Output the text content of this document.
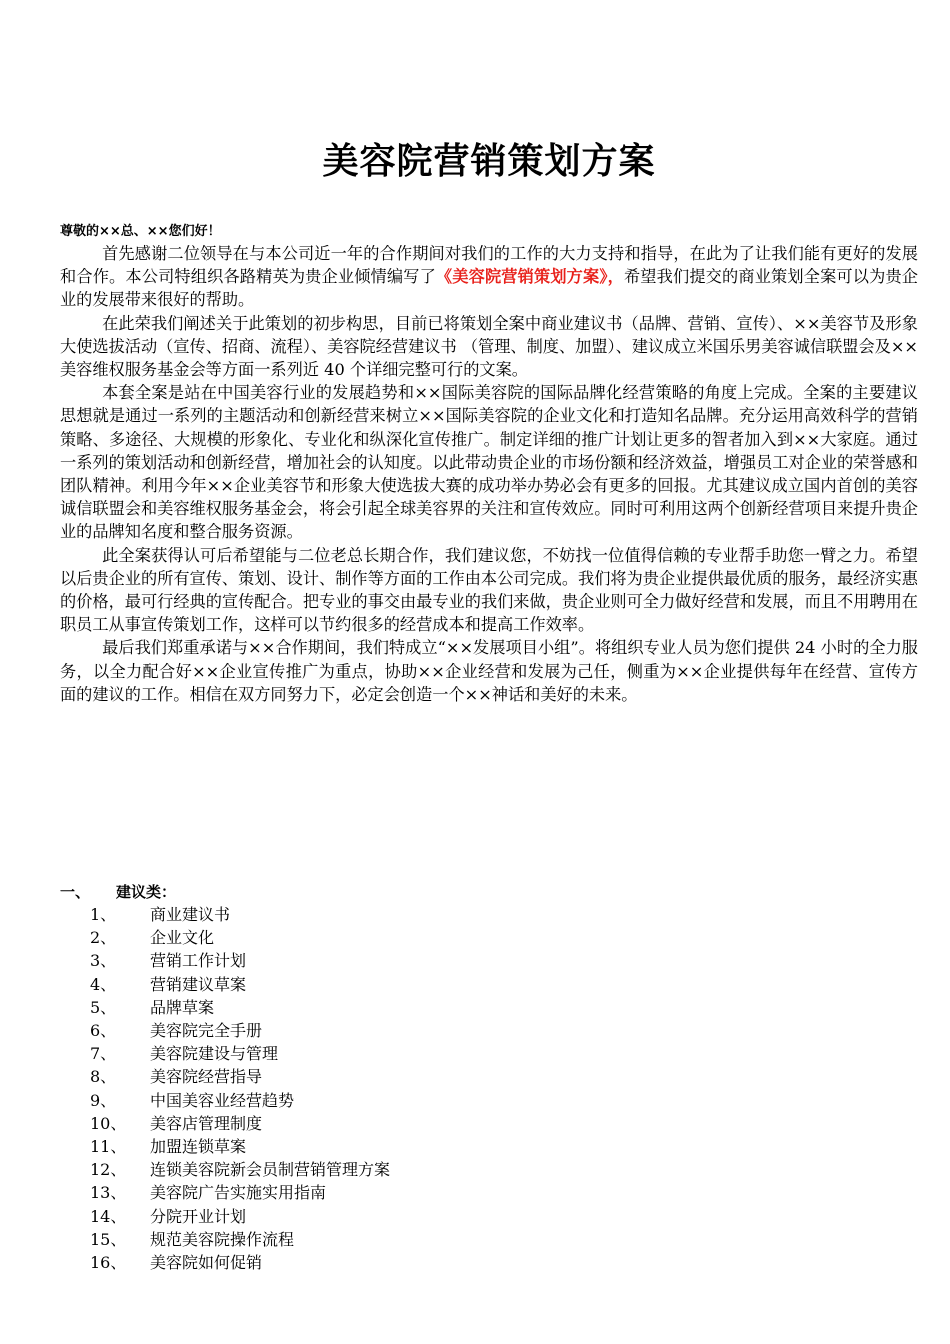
美容院营销策划方案
尊敬的××总、××您们好！

首先感谢二位领导在与本公司近一年的合作期间对我们的工作的大力支持和指导，在此为了让我们能有更好的发展和合作。本公司特组织各路精英为贵企业倾情编写了《美容院营销策划方案》，希望我们提交的商业策划全案可以为贵企业的发展带来很好的帮助。

在此荣我们阐述关于此策划的初步构思，目前已将策划全案中商业建议书（品牌、营销、宣传）、××美容节及形象大使选拔活动（宣传、招商、流程）、美容院经营建议书 （管理、制度、加盟）、建议成立米国乐男美容诚信联盟会及××美容维权服务基金会等方面一系列近 40 个详细完整可行的文案。

本套全案是站在中国美容行业的发展趋势和××国际美容院的国际品牌化经营策略的角度上完成。全案的主要建议思想就是通过一系列的主题活动和创新经营来树立××国际美容院的企业文化和打造知名品牌。充分运用高效科学的营销策略、多途径、大规模的形象化、专业化和纵深化宣传推广。制定详细的推广计划让更多的智者加入到××大家庭。通过一系列的策划活动和创新经营，增加社会的认知度。以此带动贵企业的市场份额和经济效益，增强员工对企业的荣誉感和团队精神。利用今年××企业美容节和形象大使选拔大赛的成功举办势必会有更多的回报。尤其建议成立国内首创的美容诚信联盟会和美容维权服务基金会，将会引起全球美容界的关注和宣传效应。同时可利用这两个创新经营项目来提升贵企业的品牌知名度和整合服务资源。

此全案获得认可后希望能与二位老总长期合作，我们建议您，不妨找一位值得信赖的专业帮手助您一臂之力。希望以后贵企业的所有宣传、策划、设计、制作等方面的工作由本公司完成。我们将为贵企业提供最优质的服务，最经济实惠的价格，最可行经典的宣传配合。把专业的事交由最专业的我们来做，贵企业则可全力做好经营和发展，而且不用聘用在职员工从事宣传策划工作，这样可以节约很多的经营成本和提高工作效率。

最后我们郑重承诺与××合作期间，我们特成立“××发展项目小组”。将组织专业人员为您们提供 24 小时的全力服务，以全力配合好××企业宣传推广为重点，协助××企业经营和发展为己任，侧重为××企业提供每年在经营、宣传方面的建议的工作。相信在双方同努力下，必定会创造一个××神话和美好的未来。

一、 建议类：
1、 商业建议书
2、 企业文化
3、 营销工作计划
4、 营销建议草案
5、 品牌草案
6、 美容院完全手册
7、 美容院建设与管理
8、 美容院经营指导
9、 中国美容业经营趋势
10、 美容店管理制度
11、 加盟连锁草案
12、 连锁美容院新会员制营销管理方案
13、 美容院广告实施实用指南
14、 分院开业计划
15、 规范美容院操作流程
16、 美容院如何促销
